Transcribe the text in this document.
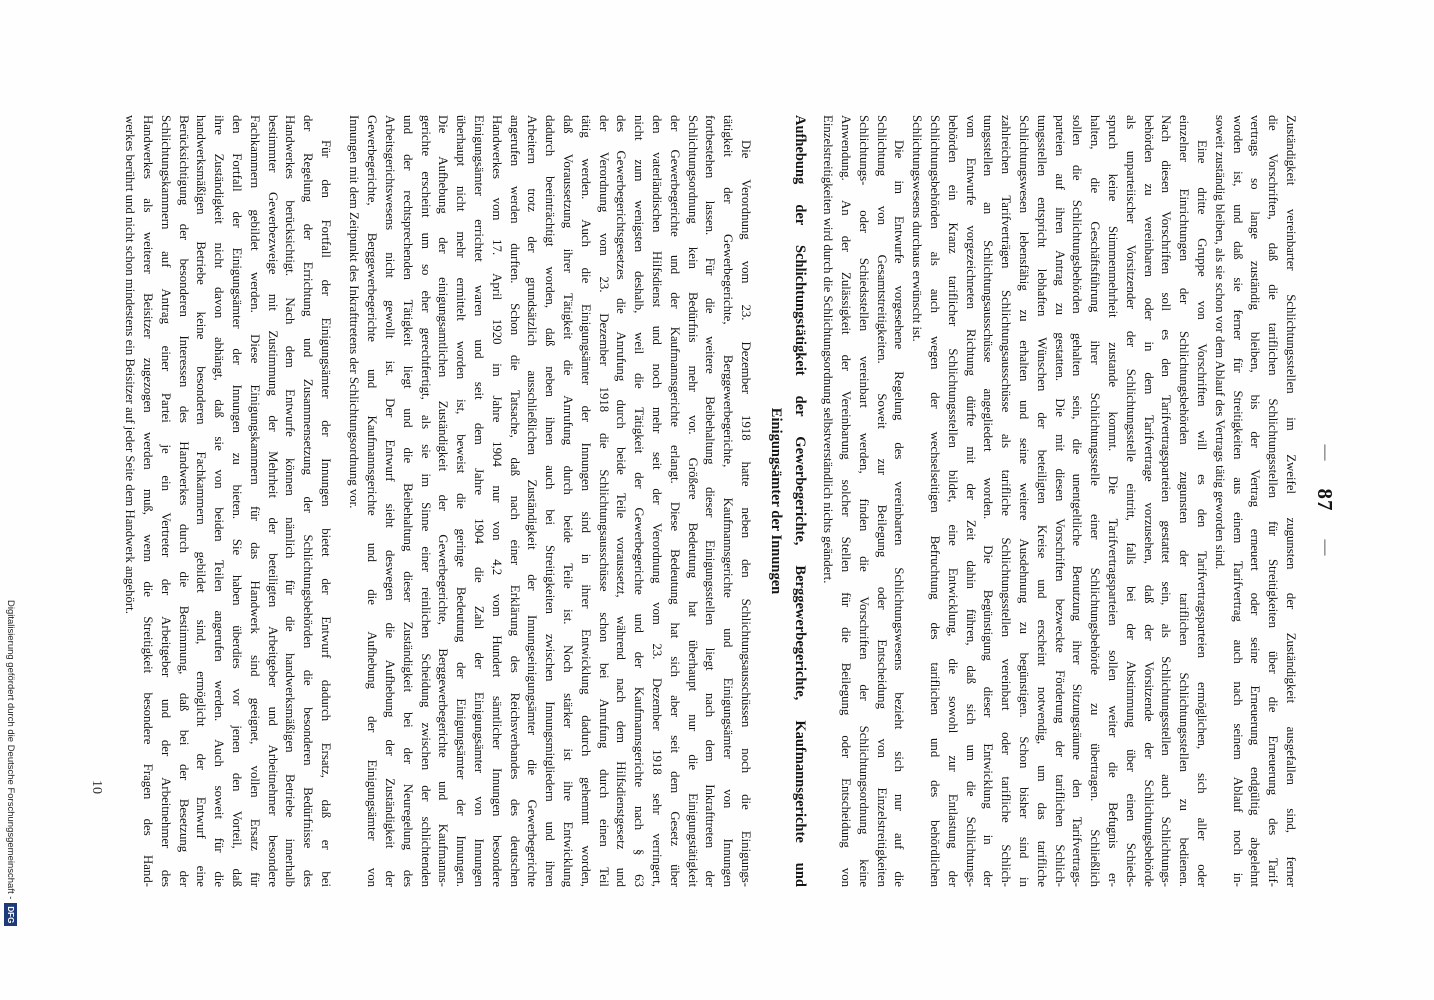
—
87
—
Zuständigkeit vereinbarter Schlichtungsstellen im Zweifel zugunsten der Zuständigkeit ausgefallen sind, ferner
die Vorschriften, daß die tariflichen Schlichtungsstellen für Streitigkeiten über die Erneuerung des Tarif-
vertrags so lange zuständig bleiben, bis der Vertrag erneuert oder seine Erneuerung endgültig abgelehnt
worden ist, und daß sie ferner für Streitigkeiten aus einem Tarifvertrag auch nach seinem Ablauf noch in-
soweit zuständig bleiben, als sie schon vor dem Ablauf des Vertrags tätig geworden sind.
Eine dritte Gruppe von Vorschriften will es den Tarifvertragsparteien ermöglichen, sich aller oder
einzelner Einrichtungen der Schlichtungsbehörden zugunsten der tariflichen Schlichtungsstellen zu bedienen.
Nach diesen Vorschriften soll es den Tarifvertragsparteien gestattet sein, als Schlichtungsstellen auch Schlichtungs-
behörden zu vereinbaren oder in dem Tarifvertrage vorzusehen, daß der Vorsitzende der Schlichtungsbehörde
als unparteiischer Vorsitzender der Schlichtungsstelle eintritt, falls bei der Abstimmung über einen Schieds-
spruch keine Stimmenmehrheit zustande kommt. Die Tarifvertragsparteien sollen weiter die Befugnis er-
halten, die Geschäftsführung ihrer Schlichtungsstelle einer Schlichtungsbehörde zu übertragen. Schließlich
sollen die Schlichtungsbehörden gehalten sein, die unentgeltliche Benutzung ihrer Sitzungsräume den Tarifvertrags-
parteien auf ihren Antrag zu gestatten. Die mit diesen Vorschriften bezweckte Förderung der tariflichen Schlich-
tungsstellen entspricht lebhaften Wünschen der beteiligten Kreise und erscheint notwendig, um das tarifliche
Schlichtungswesen lebensfähig zu erhalten und seine weitere Ausdehnung zu begünstigen. Schon bisher sind in
zahlreichen Tarifverträgen Schlichtungsausschüsse als tarifliche Schlichtungsstellen vereinbart oder tarifliche Schlich-
tungsstellen an Schlichtungsausschüsse angegliedert worden. Die Begünstigung dieser Entwicklung in der
vom Entwurfe vorgezeichneten Richtung dürfte mit der Zeit dahin führen, daß sich um die Schlichtungs-
behörden ein Kranz tariflicher Schlichtungsstellen bildet, eine Entwicklung, die sowohl zur Entlastung der
Schlichtungsbehörden als auch wegen der wechselseitigen Befruchtung des tariflichen und des behördlichen
Schlichtungswesens durchaus erwünscht ist.
Die im Entwurfe vorgesehene Regelung des vereinbarten Schlichtungswesens bezieht sich nur auf die
Schlichtung von Gesamtstreitigkeiten. Soweit zur Beilegung oder Entscheidung von Einzelstreitigkeiten
Schlichtungs- oder Schiedsstellen vereinbart werden, finden die Vorschriften der Schlichtungsordnung keine
Anwendung. An der Zulässigkeit der Vereinbarung solcher Stellen für die Beilegung oder Entscheidung von
Einzelstreitigkeiten wird durch die Schlichtungsordnung selbstverständlich nichts geändert.
Aufhebung der Schlichtungstätigkeit der Gewerbegerichte, Berggewerbegerichte, Kaufmannsgerichte und
Einigungsämter der Innungen
Die Verordnung vom 23. Dezember 1918 hatte neben den Schlichtungsausschüssen noch die Einigungs-
tätigkeit der Gewerbegerichte, Berggewerbegerichte, Kaufmannsgerichte und Einigungsämter von Innungen
fortbestehen lassen. Für die weitere Beibehaltung dieser Einigungsstellen liegt nach dem Inkrafttreten der
Schlichtungsordnung kein Bedürfnis mehr vor. Größere Bedeutung hat überhaupt nur die Einigungstätigkeit
der Gewerbegerichte und der Kaufmannsgerichte erlangt. Diese Bedeutung hat sich aber seit dem Gesetz über
den vaterländischen Hilfsdienst und noch mehr seit der Verordnung vom 23. Dezember 1918 sehr verringert,
nicht zum wenigsten deshalb, weil die Tätigkeit der Gewerbegerichte und der Kaufmannsgerichte nach § 63
des Gewerbegerichtsgesetzes die Anrufung durch beide Teile voraussetzt, während nach dem Hilfsdienstgesetz und
der Verordnung vom 23. Dezember 1918 die Schlichtungsausschüsse schon bei Anrufung durch einen Teil
tätig werden. Auch die Einigungsämter der Innungen sind in ihrer Entwicklung dadurch gehemmt worden,
daß Voraussetzung ihrer Tätigkeit die Anrufung durch beide Teile ist. Noch stärker ist ihre Entwicklung
dadurch beeinträchtigt worden, daß neben ihnen auch bei Streitigkeiten zwischen Innungsmitgliedern und ihren
Arbeitern trotz der grundsätzlich ausschließlichen Zuständigkeit der Innungseinigungsämter die Gewerbegerichte
angerufen werden durften. Schon die Tatsache, daß nach einer Erklärung des Reichsverbandes des deutschen
Handwerkes vom 17. April 1920 im Jahre 1904 nur von 4,2 vom Hundert sämtlicher Innungen besondere
Einigungsämter errichtet waren und seit dem Jahre 1904 die Zahl der Einigungsämter von Innungen
überhaupt nicht mehr ermittelt worden ist, beweist die geringe Bedeutung der Einigungsämter der Innungen.
Die Aufhebung der einigungsamtlichen Zuständigkeit der Gewerbegerichte, Berggewerbegerichte und Kaufmanns-
gerichte erscheint um so eher gerechtfertigt, als sie im Sinne einer reinlichen Scheidung zwischen der schlichtenden
und der rechtsprechenden Tätigkeit liegt und die Beibehaltung dieser Zuständigkeit bei der Neuregelung des
Arbeitsgerichtswesens nicht gewollt ist. Der Entwurf sieht deswegen die Aufhebung der Zuständigkeit der
Gewerbegerichte, Berggewerbegerichte und Kaufmannsgerichte und die Aufhebung der Einigungsämter von
Innungen mit dem Zeitpunkt des Inkrafttretens der Schlichtungsordnung vor.
Für den Fortfall der Einigungsämter der Innungen bietet der Entwurf dadurch Ersatz, daß er bei
der Regelung der Errichtung und Zusammensetzung der Schlichtungsbehörden die besonderen Bedürfnisse des
Handwerkes berücksichtigt. Nach dem Entwurfe können nämlich für die handwerksmäßigen Betriebe innerhalb
bestimmter Gewerbezweige mit Zustimmung der Mehrheit der beteiligten Arbeitgeber und Arbeitnehmer besondere
Fachkammern gebildet werden. Diese Einigungskammern für das Handwerk sind geeignet, vollen Ersatz für
den Fortfall der Einigungsämter der Innungen zu bieten. Sie haben überdies vor jenen den Vorteil, daß
ihre Zuständigkeit nicht davon abhängt, daß sie von beiden Teilen angerufen werden. Auch soweit für die
handwerksmäßigen Betriebe keine besonderen Fachkammern gebildet sind, ermöglicht der Entwurf eine
Berücksichtigung der besonderen Interessen des Handwerkes durch die Bestimmung, daß bei der Besetzung der
Schlichtungskammern auf Antrag einer Partei je ein Vertreter der Arbeitgeber und der Arbeitnehmer des
Handwerkes als weiterer Beisitzer zugezogen werden muß, wenn die Streitigkeit besondere Fragen des Hand-
werkes berührt und nicht schon mindestens ein Beisitzer auf jeder Seite dem Handwerk angehört.
10
Digitalisierung gefördert durch die Deutsche Forschungsgemeinschaft -
DFG
